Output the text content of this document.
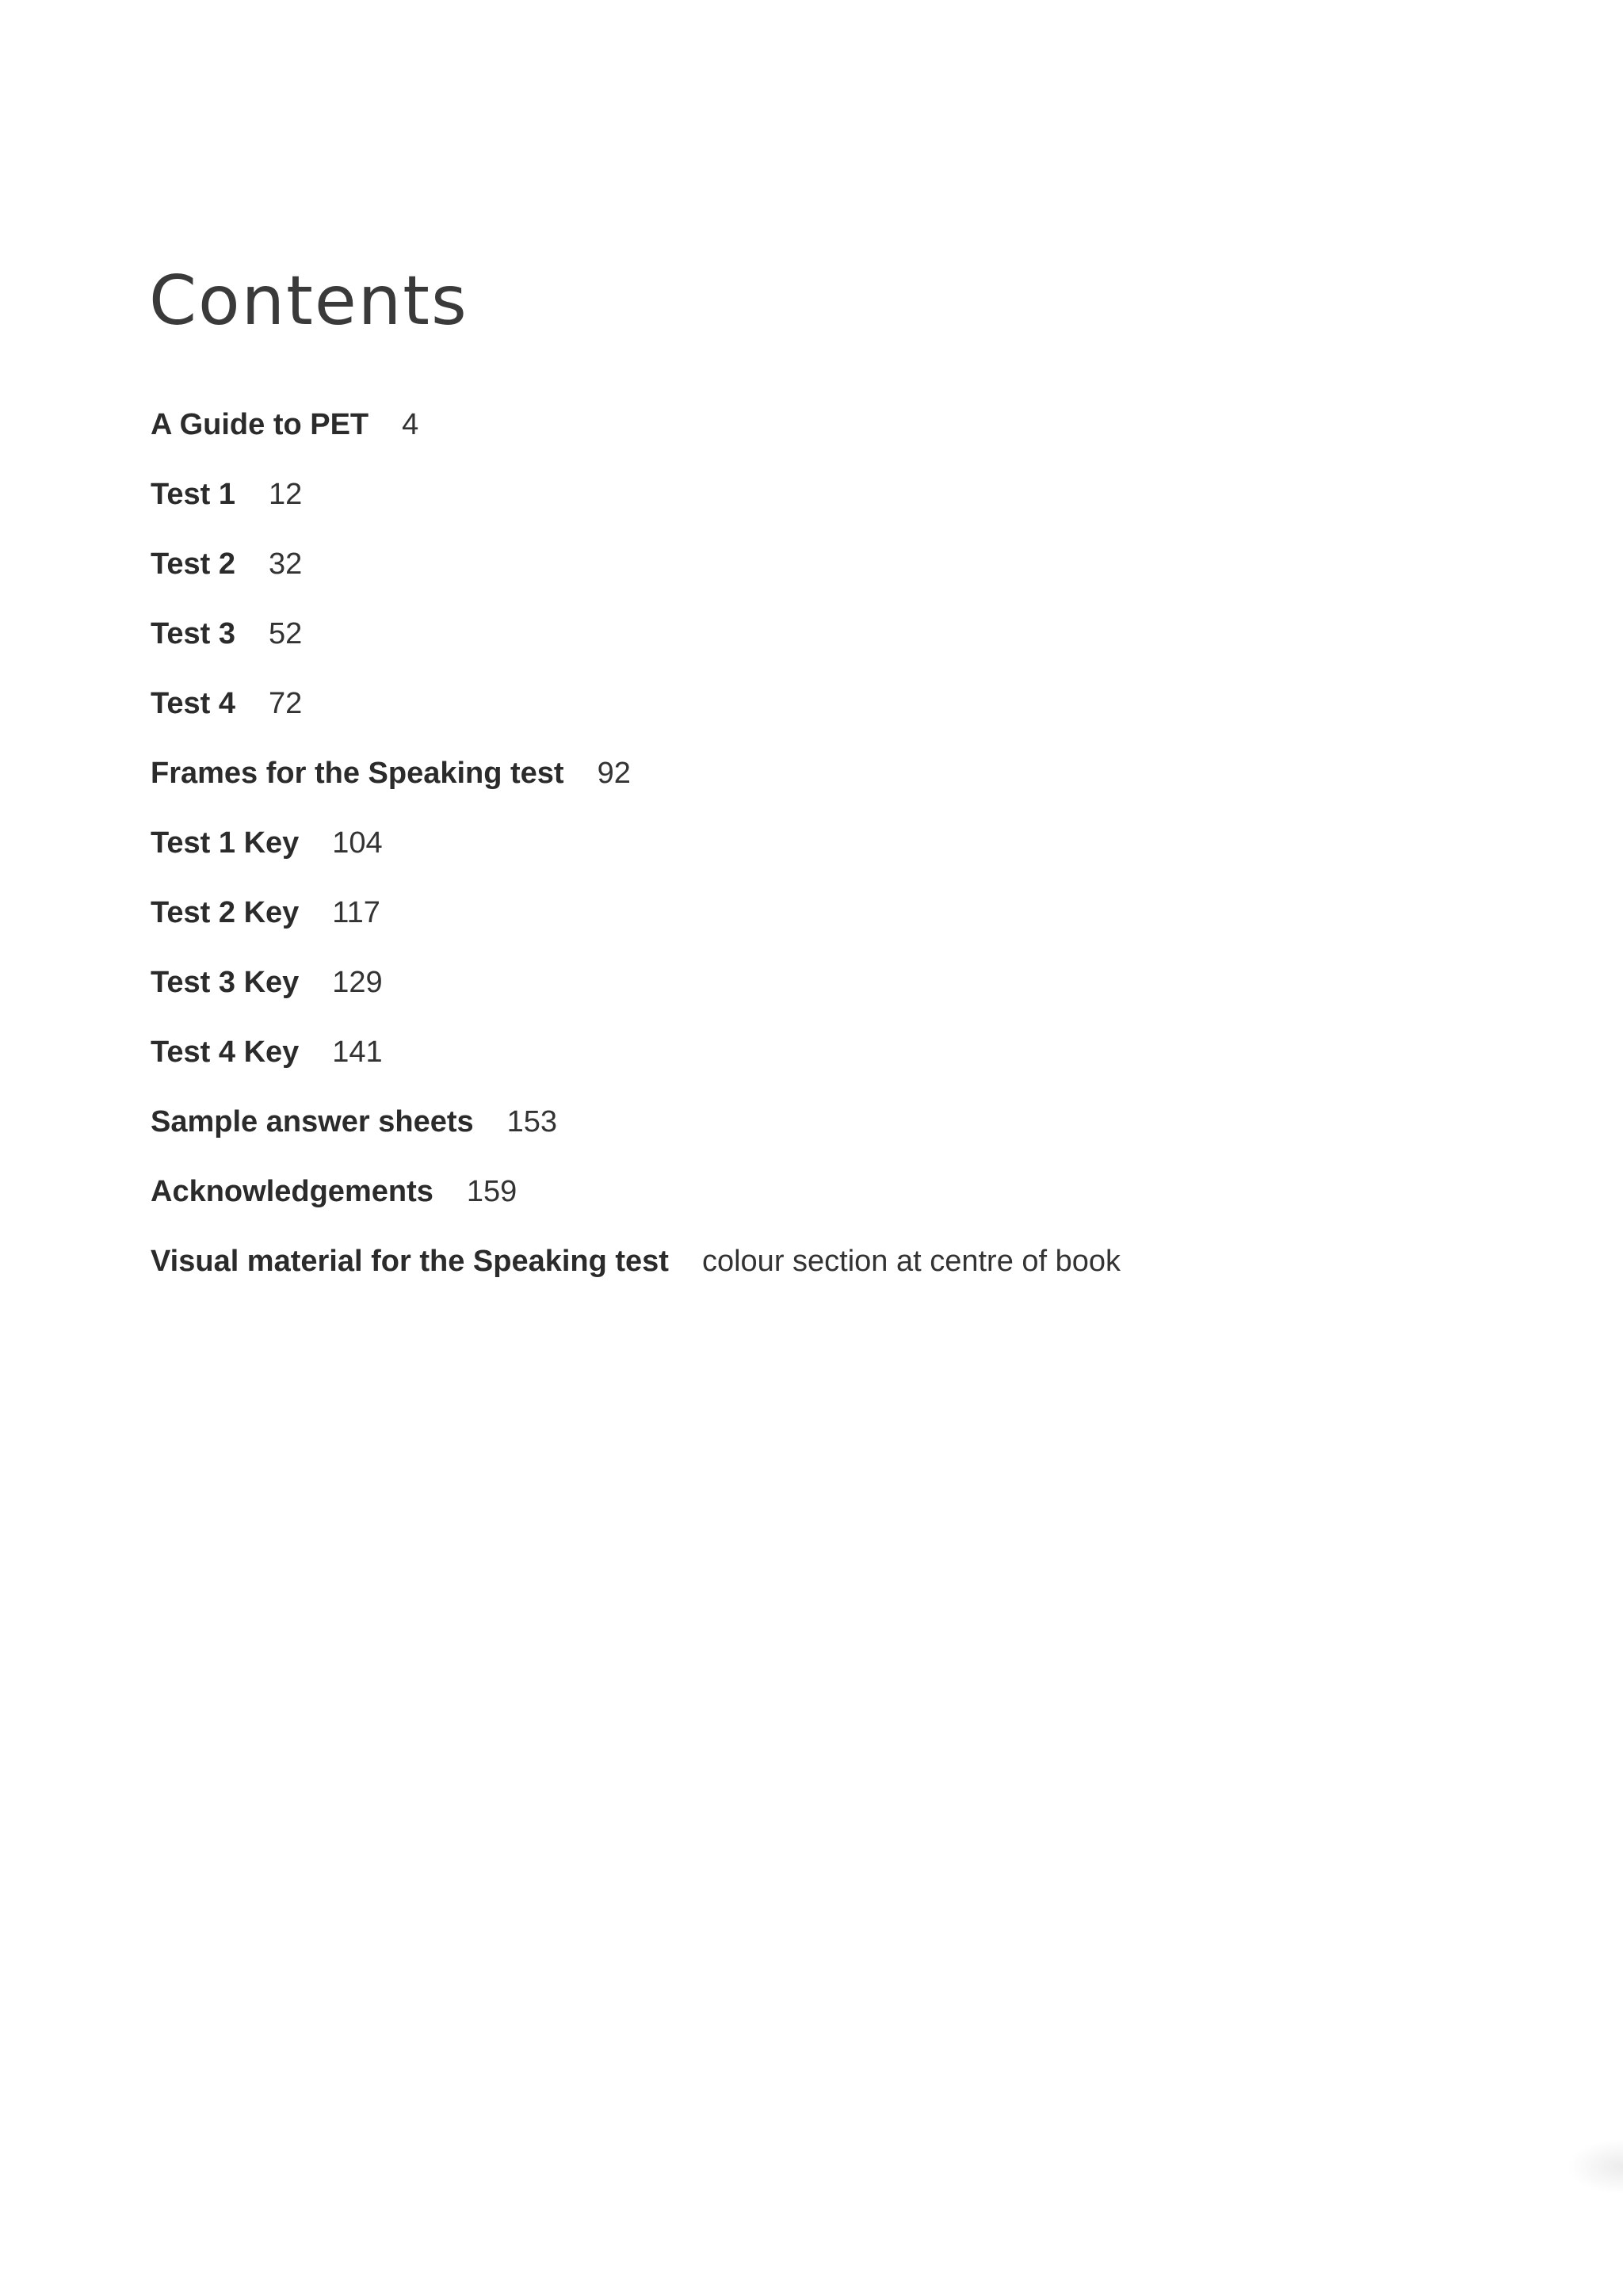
Contents
A Guide to PET 4
Test 1 12
Test 2 32
Test 3 52
Test 4 72
Frames for the Speaking test 92
Test 1 Key 104
Test 2 Key 117
Test 3 Key 129
Test 4 Key 141
Sample answer sheets 153
Acknowledgements 159
Visual material for the Speaking test colour section at centre of book
